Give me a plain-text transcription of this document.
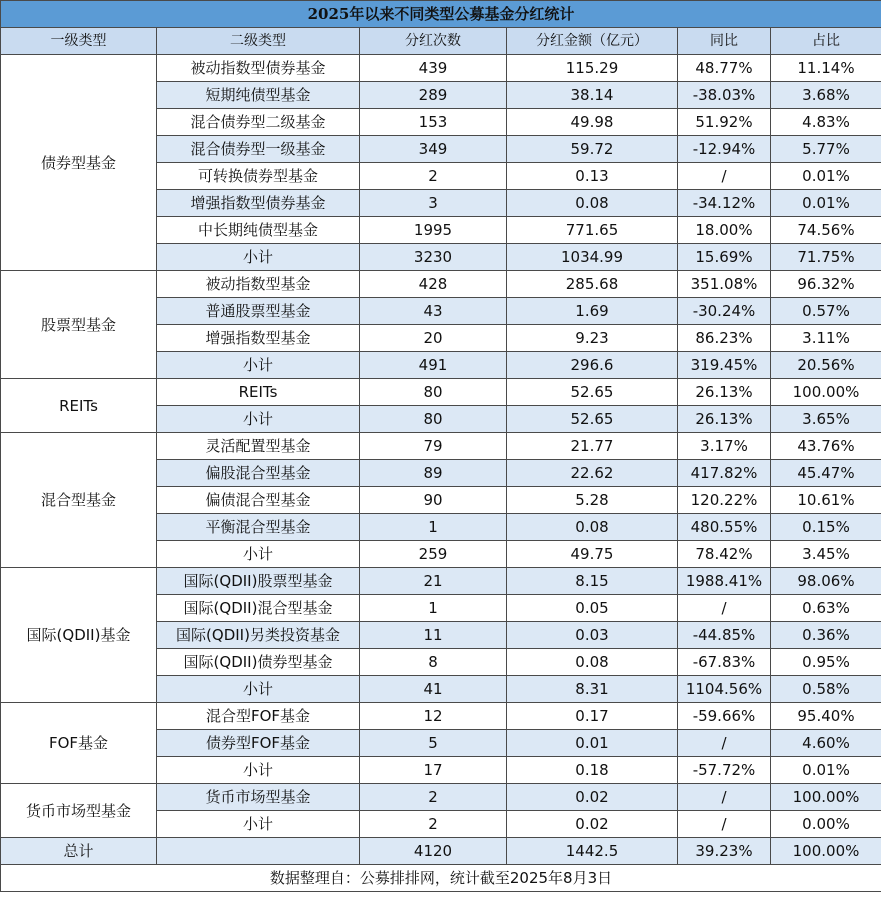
2025年以来不同类型公募基金分红统计					
一级类型	二级类型	分红次数	分红金额（亿元）	同比	占比
债券型基金	被动指数型债券基金	439	115.29	48.77%	11.14%
	短期纯债型基金	289	38.14	-38.03%	3.68%
	混合债券型二级基金	153	49.98	51.92%	4.83%
	混合债券型一级基金	349	59.72	-12.94%	5.77%
	可转换债券型基金	2	0.13	/	0.01%
	增强指数型债券基金	3	0.08	-34.12%	0.01%
	中长期纯债型基金	1995	771.65	18.00%	74.56%
	小计	3230	1034.99	15.69%	71.75%
股票型基金	被动指数型基金	428	285.68	351.08%	96.32%
	普通股票型基金	43	1.69	-30.24%	0.57%
	增强指数型基金	20	9.23	86.23%	3.11%
	小计	491	296.6	319.45%	20.56%
REITs	REITs	80	52.65	26.13%	100.00%
	小计	80	52.65	26.13%	3.65%
混合型基金	灵活配置型基金	79	21.77	3.17%	43.76%
	偏股混合型基金	89	22.62	417.82%	45.47%
	偏债混合型基金	90	5.28	120.22%	10.61%
	平衡混合型基金	1	0.08	480.55%	0.15%
	小计	259	49.75	78.42%	3.45%
国际(QDII)基金	国际(QDII)股票型基金	21	8.15	1988.41%	98.06%
	国际(QDII)混合型基金	1	0.05	/	0.63%
	国际(QDII)另类投资基金	11	0.03	-44.85%	0.36%
	国际(QDII)债券型基金	8	0.08	-67.83%	0.95%
	小计	41	8.31	1104.56%	0.58%
FOF基金	混合型FOF基金	12	0.17	-59.66%	95.40%
	债券型FOF基金	5	0.01	/	4.60%
	小计	17	0.18	-57.72%	0.01%
货币市场型基金	货币市场型基金	2	0.02	/	100.00%
	小计	2	0.02	/	0.00%
总计		4120	1442.5	39.23%	100.00%
数据整理自：公募排排网，统计截至2025年8月3日					
